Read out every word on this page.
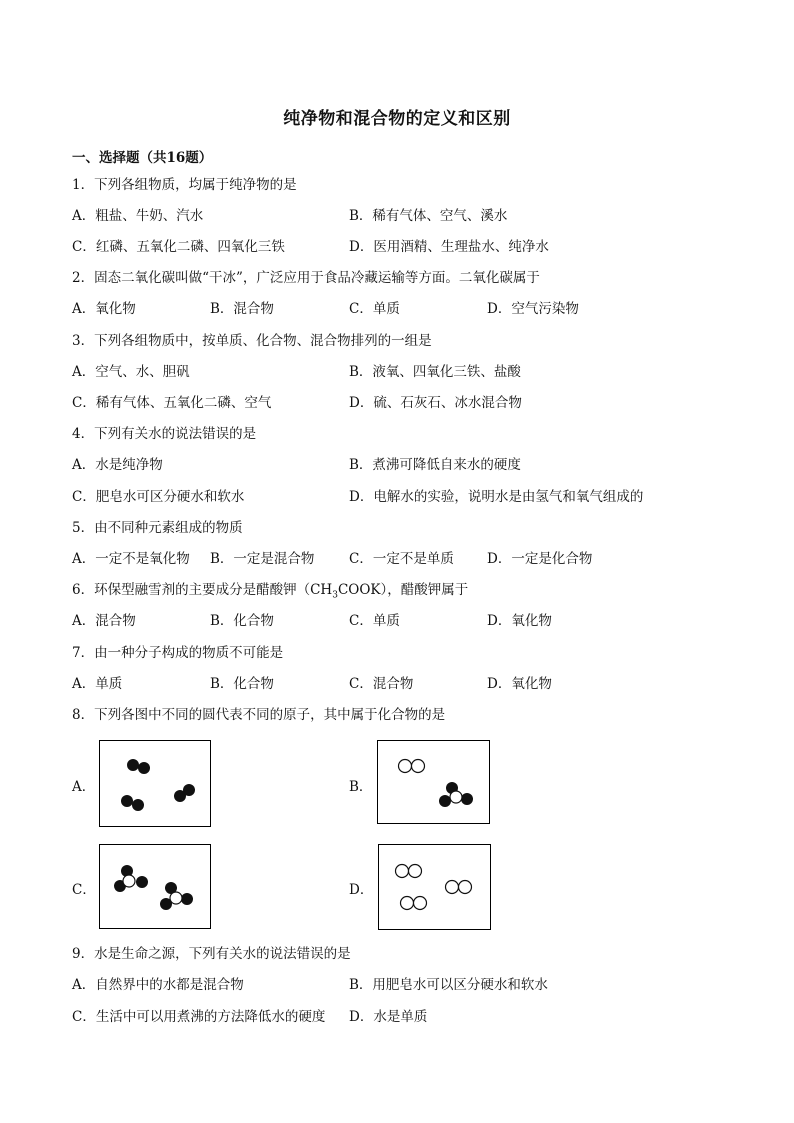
纯净物和混合物的定义和区别
一、选择题（共16题）
1．下列各组物质，均属于纯净物的是
A．粗盐、牛奶、汽水	B．稀有气体、空气、溪水
C．红磷、五氧化二磷、四氧化三铁	D．医用酒精、生理盐水、纯净水
2．固态二氧化碳叫做“干冰”，广泛应用于食品冷藏运输等方面。二氧化碳属于
A．氧化物	B．混合物	C．单质	D．空气污染物
3．下列各组物质中，按单质、化合物、混合物排列的一组是
A．空气、水、胆矾	B．液氧、四氧化三铁、盐酸
C．稀有气体、五氧化二磷、空气	D．硫、石灰石、冰水混合物
4．下列有关水的说法错误的是
A．水是纯净物	B．煮沸可降低自来水的硬度
C．肥皂水可区分硬水和软水	D．电解水的实验，说明水是由氢气和氧气组成的
5．由不同种元素组成的物质
A．一定不是氧化物 B．一定是混合物	C．一定不是单质 D．一定是化合物
6．环保型融雪剂的主要成分是醋酸钾$(CH_3COOK)$，醋酸钾属于
A．混合物	B．化合物	C．单质	D．氧化物
7．由一种分子构成的物质不可能是
A．单质	B．化合物	C．混合物	D．氧化物
8．下列各图中不同的圆代表不同的原子，其中属于化合物的是
A．	B．
C．	D．
9．水是生命之源，下列有关水的说法错误的是
A．自然界中的水都是混合物	B．用肥皂水可以区分硬水和软水
C．生活中可以用煮沸的方法降低水的硬度 D．水是单质
